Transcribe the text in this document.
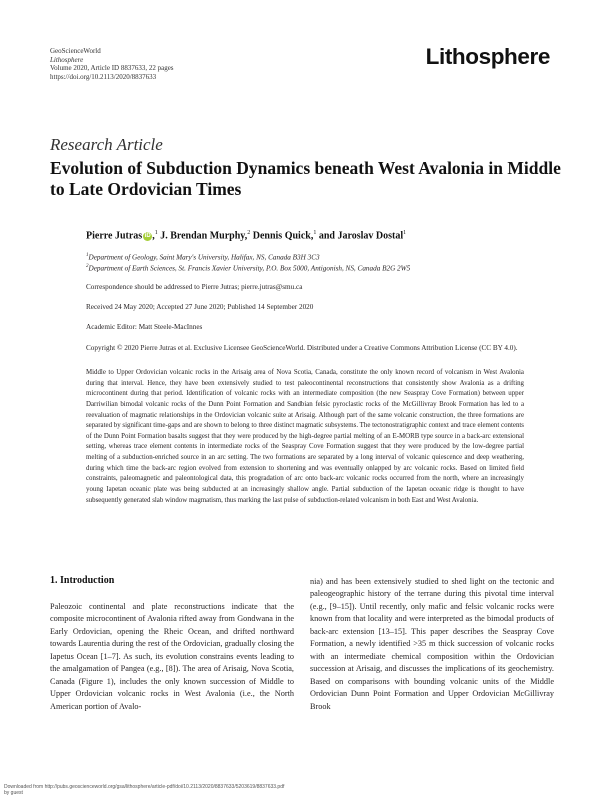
GeoScienceWorld
Lithosphere
Volume 2020, Article ID 8837633, 22 pages
https://doi.org/10.2113/2020/8837633
Lithosphere
Research Article
Evolution of Subduction Dynamics beneath West Avalonia in Middle to Late Ordovician Times
Pierre Jutras iD ,$^1$ J. Brendan Murphy,$^2$ Dennis Quick,$^1$ and Jaroslav Dostal$^1$
$^1$Department of Geology, Saint Mary's University, Halifax, NS, Canada B3H 3C3
$^2$Department of Earth Sciences, St. Francis Xavier University, P.O. Box 5000, Antigonish, NS, Canada B2G 2W5
Correspondence should be addressed to Pierre Jutras; pierre.jutras@smu.ca
Received 24 May 2020; Accepted 27 June 2020; Published 14 September 2020
Academic Editor: Matt Steele-MacInnes
Copyright © 2020 Pierre Jutras et al. Exclusive Licensee GeoScienceWorld. Distributed under a Creative Commons Attribution License (CC BY 4.0).
Middle to Upper Ordovician volcanic rocks in the Arisaig area of Nova Scotia, Canada, constitute the only known record of volcanism in West Avalonia during that interval. Hence, they have been extensively studied to test paleocontinental reconstructions that consistently show Avalonia as a drifting microcontinent during that period. Identification of volcanic rocks with an intermediate composition (the new Seaspray Cove Formation) between upper Darriwilian bimodal volcanic rocks of the Dunn Point Formation and Sandbian felsic pyroclastic rocks of the McGillivray Brook Formation has led to a reevaluation of magmatic relationships in the Ordovician volcanic suite at Arisaig. Although part of the same volcanic construction, the three formations are separated by significant time-gaps and are shown to belong to three distinct magmatic subsystems. The tectonostratigraphic context and trace element contents of the Dunn Point Formation basalts suggest that they were produced by the high-degree partial melting of an E-MORB type source in a back-arc extensional setting, whereas trace element contents in intermediate rocks of the Seaspray Cove Formation suggest that they were produced by the low-degree partial melting of a subduction-enriched source in an arc setting. The two formations are separated by a long interval of volcanic quiescence and deep weathering, during which time the back-arc region evolved from extension to shortening and was eventually onlapped by arc volcanic rocks. Based on limited field constraints, paleomagnetic and paleontological data, this progradation of arc onto back-arc volcanic rocks occurred from the north, where an increasingly young Iapetan oceanic plate was being subducted at an increasingly shallow angle. Partial subduction of the Iapetan oceanic ridge is thought to have subsequently generated slab window magmatism, thus marking the last pulse of subduction-related volcanism in both East and West Avalonia.
1. Introduction
Paleozoic continental and plate reconstructions indicate that the composite microcontinent of Avalonia rifted away from Gondwana in the Early Ordovician, opening the Rheic Ocean, and drifted northward towards Laurentia during the rest of the Ordovician, gradually closing the Iapetus Ocean [1–7]. As such, its evolution constrains events leading to the amalgamation of Pangea (e.g., [8]). The area of Arisaig, Nova Scotia, Canada (Figure 1), includes the only known succession of Middle to Upper Ordovician volcanic rocks in West Avalonia (i.e., the North American portion of Avalo-
nia) and has been extensively studied to shed light on the tectonic and paleogeographic history of the terrane during this pivotal time interval (e.g., [9–15]). Until recently, only mafic and felsic volcanic rocks were known from that locality and were interpreted as the bimodal products of back-arc extension [13–15]. This paper describes the Seaspray Cove Formation, a newly identified >35 m thick succession of volcanic rocks with an intermediate chemical composition within the Ordovician succession at Arisaig, and discusses the implications of its geochemistry. Based on comparisons with bounding volcanic units of the Middle Ordovician Dunn Point Formation and Upper Ordovician McGillivray Brook
Downloaded from http://pubs.geoscienceworld.org/gsa/lithosphere/article-pdf/doi/10.2113/2020/8837633/5203619/8837633.pdf
by guest
